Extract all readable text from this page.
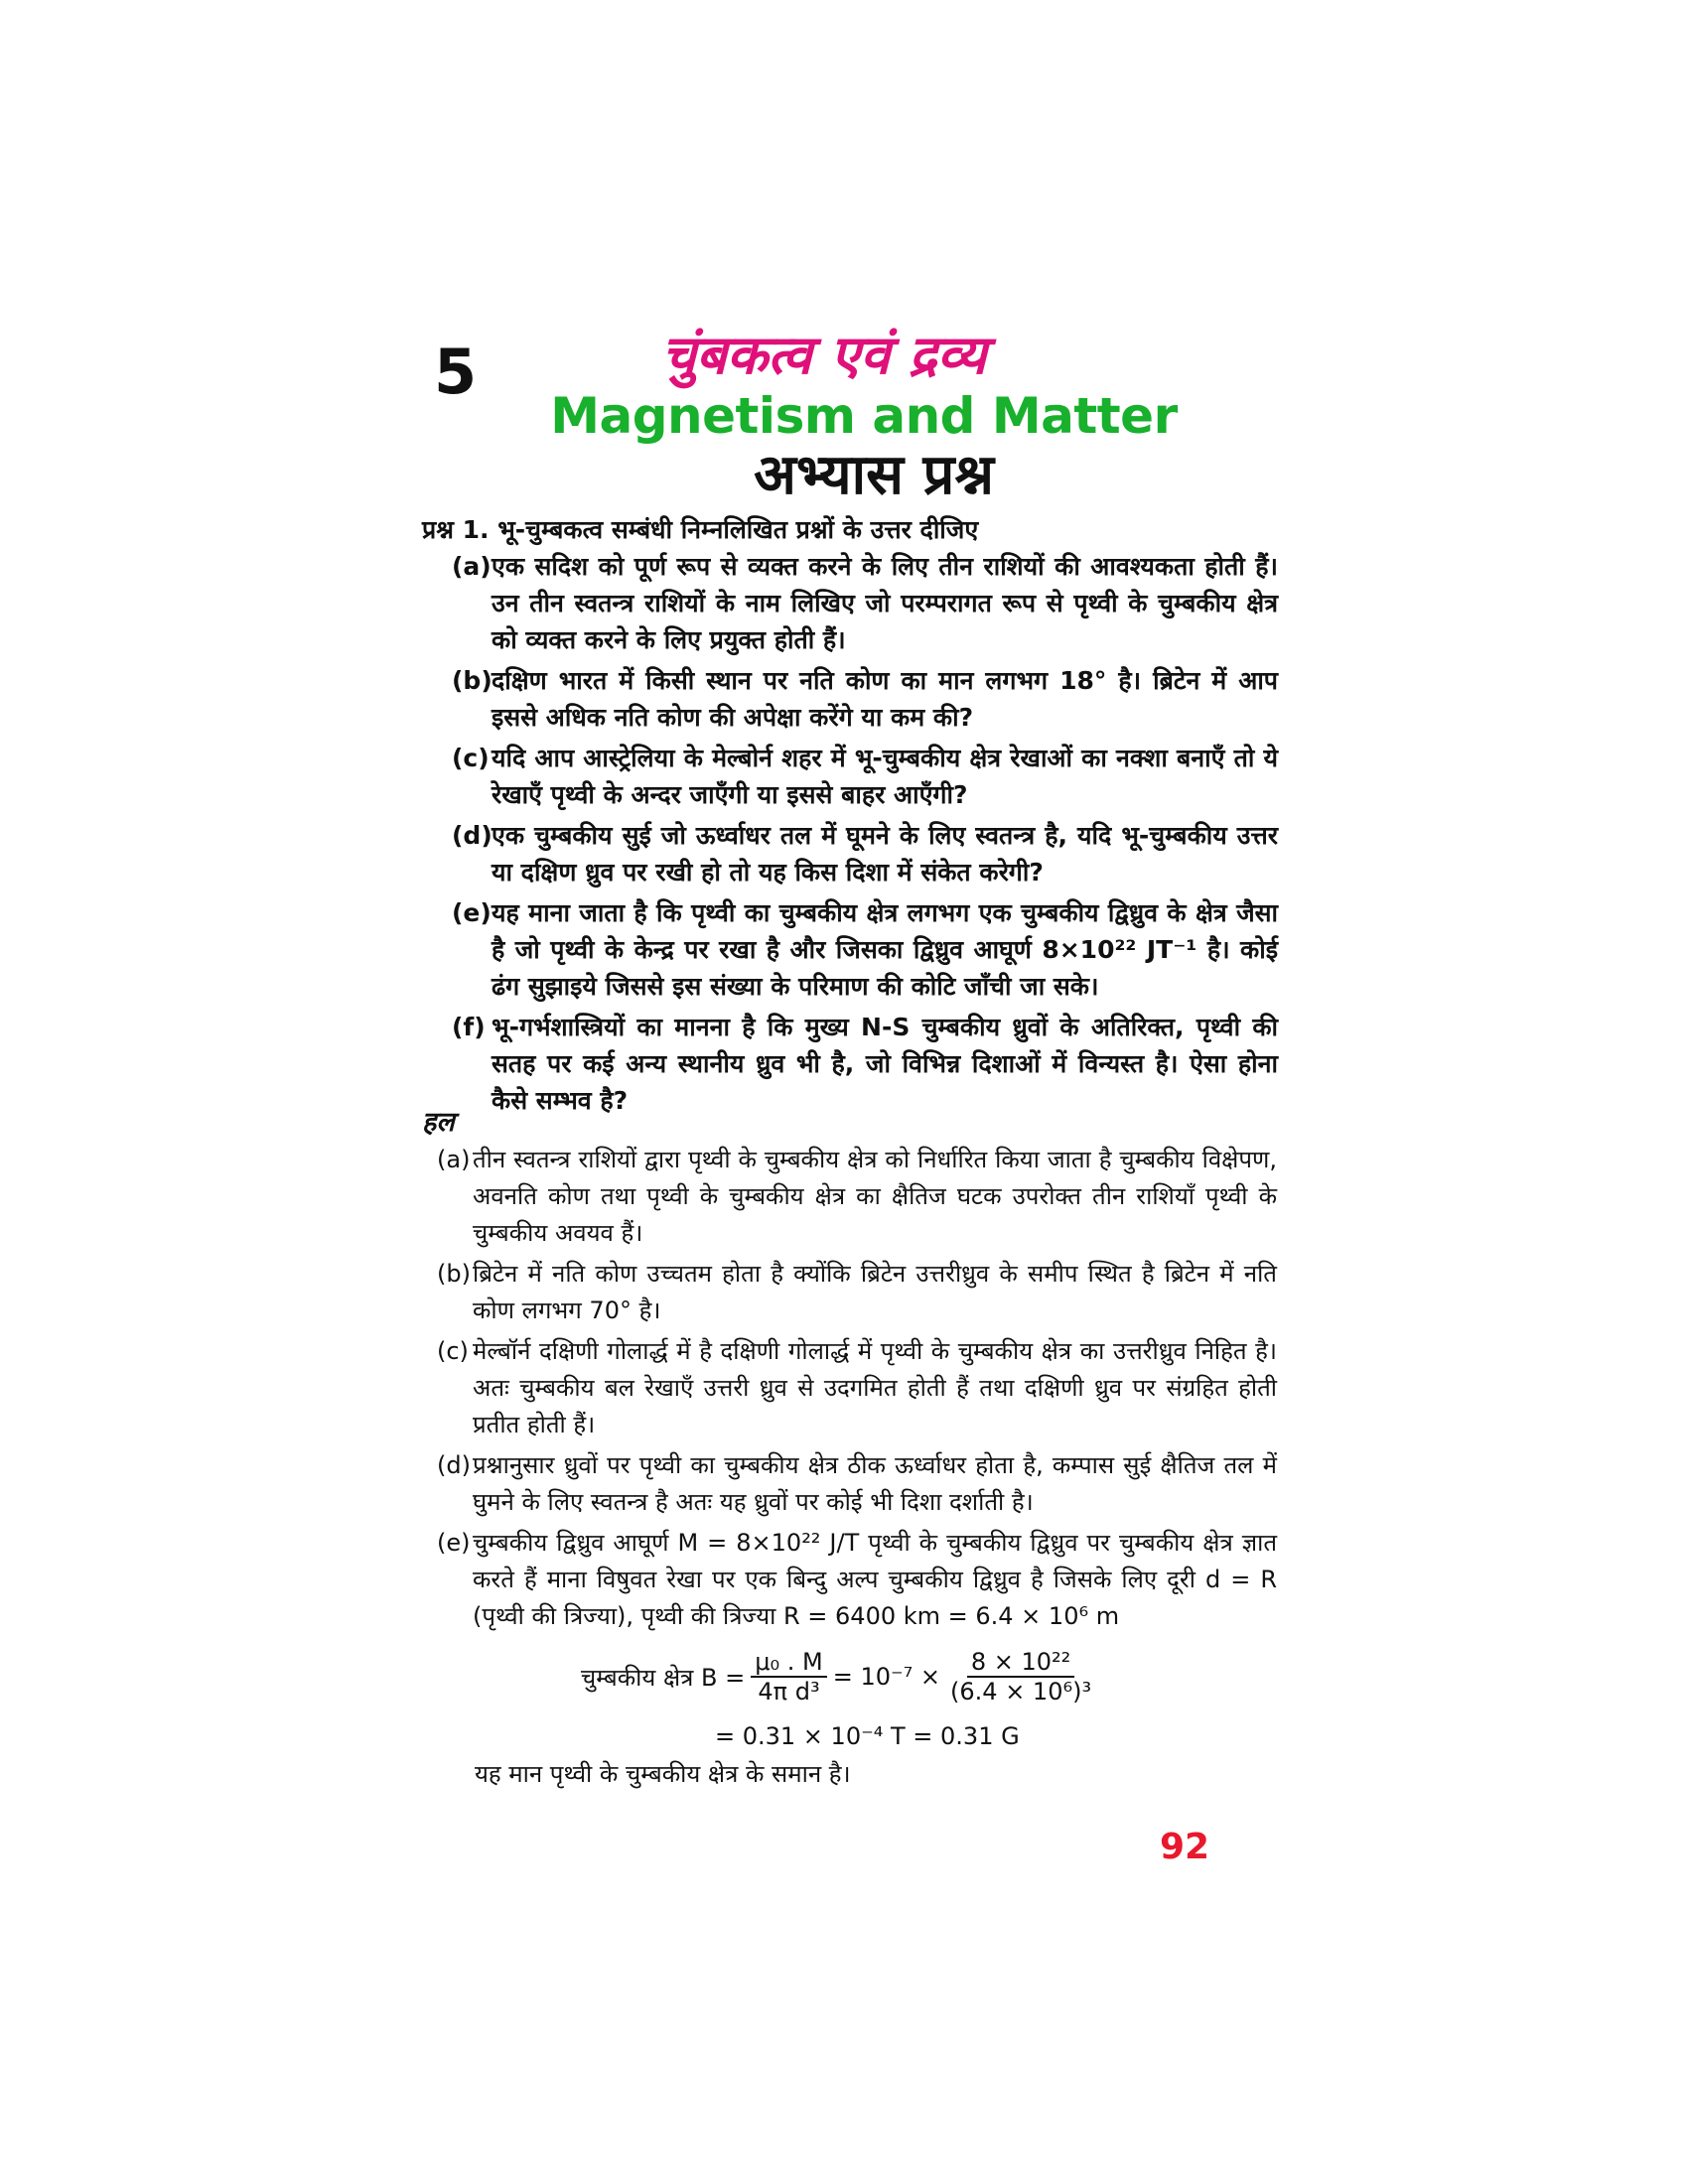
5	चुंबकत्व एवं द्रव्य
Magnetism and Matter
अभ्यास प्रश्न
प्रश्न 1. भू-चुम्बकत्व सम्बंधी निम्नलिखित प्रश्नों के उत्तर दीजिए
(a) एक सदिश को पूर्ण रूप से व्यक्त करने के लिए तीन राशियों की आवश्यकता होती हैं। उन तीन स्वतन्त्र राशियों के नाम लिखिए जो परम्परागत रूप से पृथ्वी के चुम्बकीय क्षेत्र को व्यक्त करने के लिए प्रयुक्त होती हैं।
(b) दक्षिण भारत में किसी स्थान पर नति कोण का मान लगभग 18° है। ब्रिटेन में आप इससे अधिक नति कोण की अपेक्षा करेंगे या कम की?
(c) यदि आप आस्ट्रेलिया के मेल्बोर्न शहर में भू-चुम्बकीय क्षेत्र रेखाओं का नक्शा बनाएँ तो ये रेखाएँ पृथ्वी के अन्दर जाएँगी या इससे बाहर आएँगी?
(d) एक चुम्बकीय सुई जो ऊर्ध्वाधर तल में घूमने के लिए स्वतन्त्र है, यदि भू-चुम्बकीय उत्तर या दक्षिण ध्रुव पर रखी हो तो यह किस दिशा में संकेत करेगी?
(e) यह माना जाता है कि पृथ्वी का चुम्बकीय क्षेत्र लगभग एक चुम्बकीय द्विध्रुव के क्षेत्र जैसा है जो पृथ्वी के केन्द्र पर रखा है और जिसका द्विध्रुव आघूर्ण 8×10²² JT⁻¹ है। कोई ढंग सुझाइये जिससे इस संख्या के परिमाण की कोटि जाँची जा सके।
(f) भू-गर्भशास्त्रियों का मानना है कि मुख्य N-S चुम्बकीय ध्रुवों के अतिरिक्त, पृथ्वी की सतह पर कई अन्य स्थानीय ध्रुव भी है, जो विभिन्न दिशाओं में विन्यस्त है। ऐसा होना कैसे सम्भव है?
हल
(a) तीन स्वतन्त्र राशियों द्वारा पृथ्वी के चुम्बकीय क्षेत्र को निर्धारित किया जाता है चुम्बकीय विक्षेपण, अवनति कोण तथा पृथ्वी के चुम्बकीय क्षेत्र का क्षैतिज घटक उपरोक्त तीन राशियाँ पृथ्वी के चुम्बकीय अवयव हैं।
(b) ब्रिटेन में नति कोण उच्चतम होता है क्योंकि ब्रिटेन उत्तरीध्रुव के समीप स्थित है ब्रिटेन में नति कोण लगभग 70° है।
(c) मेल्बॉर्न दक्षिणी गोलार्द्ध में है दक्षिणी गोलार्द्ध में पृथ्वी के चुम्बकीय क्षेत्र का उत्तरीध्रुव निहित है। अतः चुम्बकीय बल रेखाएँ उत्तरी ध्रुव से उदगमित होती हैं तथा दक्षिणी ध्रुव पर संग्रहित होती प्रतीत होती हैं।
(d) प्रश्नानुसार ध्रुवों पर पृथ्वी का चुम्बकीय क्षेत्र ठीक ऊर्ध्वाधर होता है, कम्पास सुई क्षैतिज तल में घुमने के लिए स्वतन्त्र है अतः यह ध्रुवों पर कोई भी दिशा दर्शाती है।
(e) चुम्बकीय द्विध्रुव आघूर्ण M = 8×10²² J/T पृथ्वी के चुम्बकीय द्विध्रुव पर चुम्बकीय क्षेत्र ज्ञात करते हैं माना विषुवत रेखा पर एक बिन्दु अल्प चुम्बकीय द्विध्रुव है जिसके लिए दूरी d = R (पृथ्वी की त्रिज्या), पृथ्वी की त्रिज्या R = 6400 km = 6.4 × 10⁶ m
चुम्बकीय क्षेत्र $B = \frac{\text{μ₀ . M}}{\text{4π d³}} = 10^{-7} \times \frac{\text{8 × 10²²}}{\text{(6.4 × 10⁶)³}}$
= 0.31 × 10⁻⁴ T = 0.31 G
यह मान पृथ्वी के चुम्बकीय क्षेत्र के समान है।
92
